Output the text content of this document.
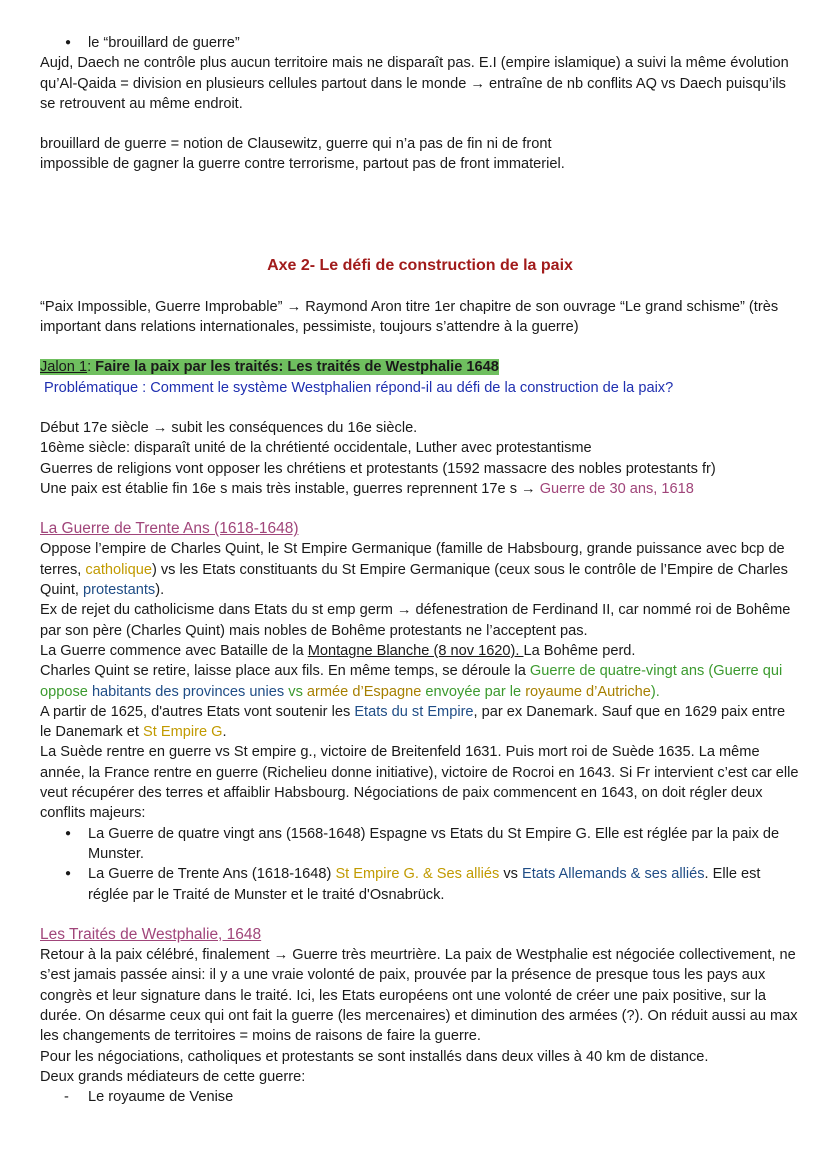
● le “brouillard de guerre”

Aujd, Daech ne contrôle plus aucun territoire mais ne disparaît pas. E.I (empire islamique) a suivi la même évolution qu’Al-Qaida = division en plusieurs cellules partout dans le monde → entraîne de nb conflits AQ vs Daech puisqu’ils se retrouvent au même endroit.

brouillard de guerre = notion de Clausewitz, guerre qui n’a pas de fin ni de front

impossible de gagner la guerre contre terrorisme, partout pas de front immateriel.

Axe 2- Le défi de construction de la paix

“Paix Impossible, Guerre Improbable” → Raymond Aron titre 1er chapitre de son ouvrage “Le grand schisme” (très important dans relations internationales, pessimiste, toujours s’attendre à la guerre)

Jalon 1: Faire la paix par les traités: Les traités de Westphalie 1648

Problématique : Comment le système Westphalien répond-il au défi de la construction de la paix?

Début 17e siècle → subit les conséquences du 16e siècle.

16ème siècle: disparaît unité de la chrétienté occidentale, Luther avec protestantisme

Guerres de religions vont opposer les chrétiens et protestants (1592 massacre des nobles protestants fr)

Une paix est établie fin 16e s mais très instable, guerres reprennent 17e s → Guerre de 30 ans, 1618

La Guerre de Trente Ans (1618-1648)

Oppose l’empire de Charles Quint, le St Empire Germanique (famille de Habsbourg, grande puissance avec bcp de terres, catholique) vs les Etats constituants du St Empire Germanique (ceux sous le contrôle de l’Empire de Charles Quint, protestants).

Ex de rejet du catholicisme dans Etats du st emp germ → défenestration de Ferdinand II, car nommé roi de Bohême par son père (Charles Quint) mais nobles de Bohême protestants ne l’acceptent pas.

La Guerre commence avec Bataille de la Montagne Blanche (8 nov 1620). La Bohême perd.

Charles Quint se retire, laisse place aux fils. En même temps, se déroule la Guerre de quatre-vingt ans (Guerre qui oppose habitants des provinces unies vs armée d’Espagne envoyée par le royaume d’Autriche).

A partir de 1625, d'autres Etats vont soutenir les Etats du st Empire, par ex Danemark. Sauf que en 1629 paix entre le Danemark et St Empire G.

La Suède rentre en guerre vs St empire g., victoire de Breitenfeld 1631. Puis mort roi de Suède 1635. La même année, la France rentre en guerre (Richelieu donne initiative), victoire de Rocroi en 1643. Si Fr intervient c’est car elle veut récupérer des terres et affaiblir Habsbourg. Négociations de paix commencent en 1643, on doit régler deux conflits majeurs:

● La Guerre de quatre vingt ans (1568-1648) Espagne vs Etats du St Empire G. Elle est réglée par la paix de Munster.
● La Guerre de Trente Ans (1618-1648) St Empire G. & Ses alliés vs Etats Allemands & ses alliés. Elle est réglée par le Traité de Munster et le traité d'Osnabrück.

Les Traités de Westphalie, 1648

Retour à la paix célébré, finalement → Guerre très meurtrière. La paix de Westphalie est négociée collectivement, ne s’est jamais passée ainsi: il y a une vraie volonté de paix, prouvée par la présence de presque tous les pays aux congrès et leur signature dans le traité. Ici, les Etats européens ont une volonté de créer une paix positive, sur la durée. On désarme ceux qui ont fait la guerre (les mercenaires) et diminution des armées (?). On réduit aussi au max les changements de territoires = moins de raisons de faire la guerre.

Pour les négociations, catholiques et protestants se sont installés dans deux villes à 40 km de distance.

Deux grands médiateurs de cette guerre:

- Le royaume de Venise
